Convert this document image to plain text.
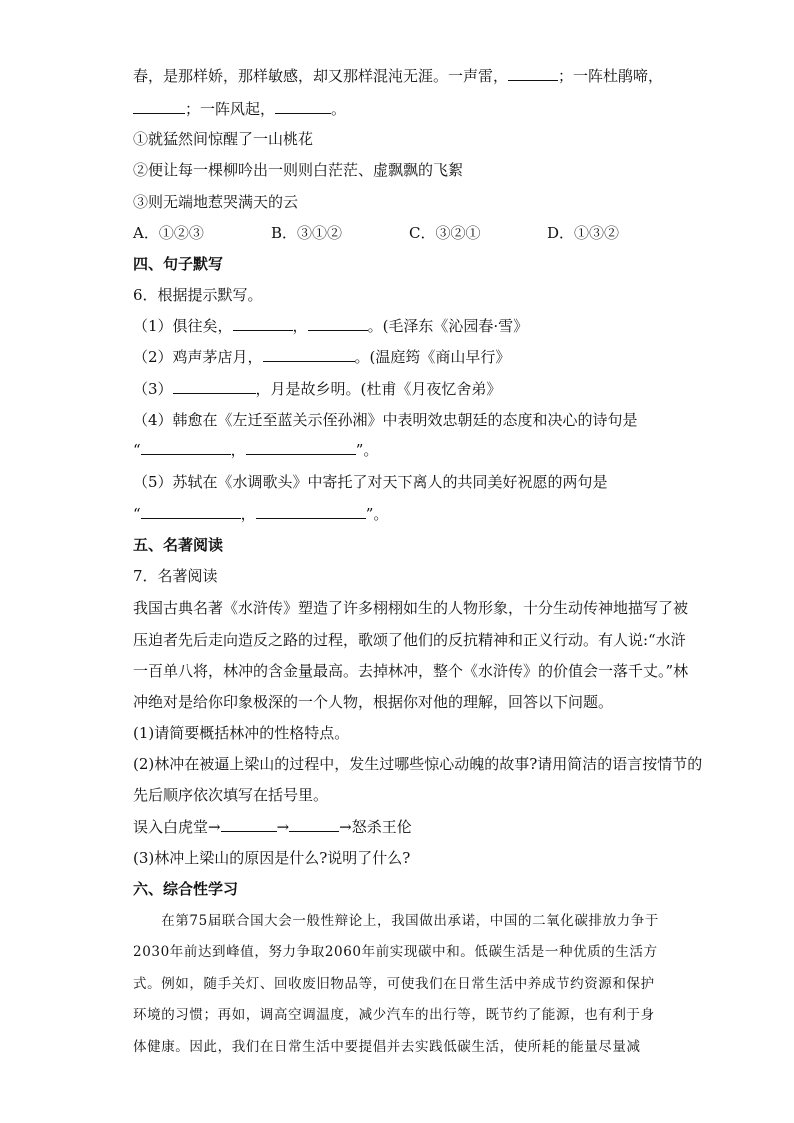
春，是那样娇，那样敏感，却又那样混沌无涯。一声雷，	；一阵杜鹃啼，
；一阵风起，	。
①就猛然间惊醒了一山桃花
②便让每一棵柳吟出一则则白茫茫、虚飘飘的飞絮
③则无端地惹哭满天的云
A．①②③	B．③①②	C．③②①	D．①③②
四、句子默写
6．根据提示默写。
（1）俱往矣，	，	。(毛泽东《沁园春·雪》
（2）鸡声茅店月，	。(温庭筠《商山早行》
（3）	，月是故乡明。(杜甫《月夜忆舍弟》
（4）韩愈在《左迁至蓝关示侄孙湘》中表明效忠朝廷的态度和决心的诗句是
“	，	”。
（5）苏轼在《水调歌头》中寄托了对天下离人的共同美好祝愿的两句是
“	，	”。
五、名著阅读
7．名著阅读
我国古典名著《水浒传》塑造了许多栩栩如生的人物形象，十分生动传神地描写了被
压迫者先后走向造反之路的过程，歌颂了他们的反抗精神和正义行动。有人说:“水浒
一百单八将，林冲的含金量最高。去掉林冲，整个《水浒传》的价值会一落千丈。”林
冲绝对是给你印象极深的一个人物，根据你对他的理解，回答以下问题。
(1)请简要概括林冲的性格特点。
(2)林冲在被逼上梁山的过程中，发生过哪些惊心动魄的故事?请用简洁的语言按情节的
先后顺序依次填写在括号里。
误入白虎堂→	→	→怒杀王伦
(3)林冲上梁山的原因是什么?说明了什么?
六、综合性学习
　　在第75届联合国大会一般性辩论上，我国做出承诺，中国的二氧化碳排放力争于
2030年前达到峰值，努力争取2060年前实现碳中和。低碳生活是一种优质的生活方
式。例如，随手关灯、回收废旧物品等，可使我们在日常生活中养成节约资源和保护
环境的习惯；再如，调高空调温度，减少汽车的出行等，既节约了能源，也有利于身
体健康。因此，我们在日常生活中要提倡并去实践低碳生活，使所耗的能量尽量减
